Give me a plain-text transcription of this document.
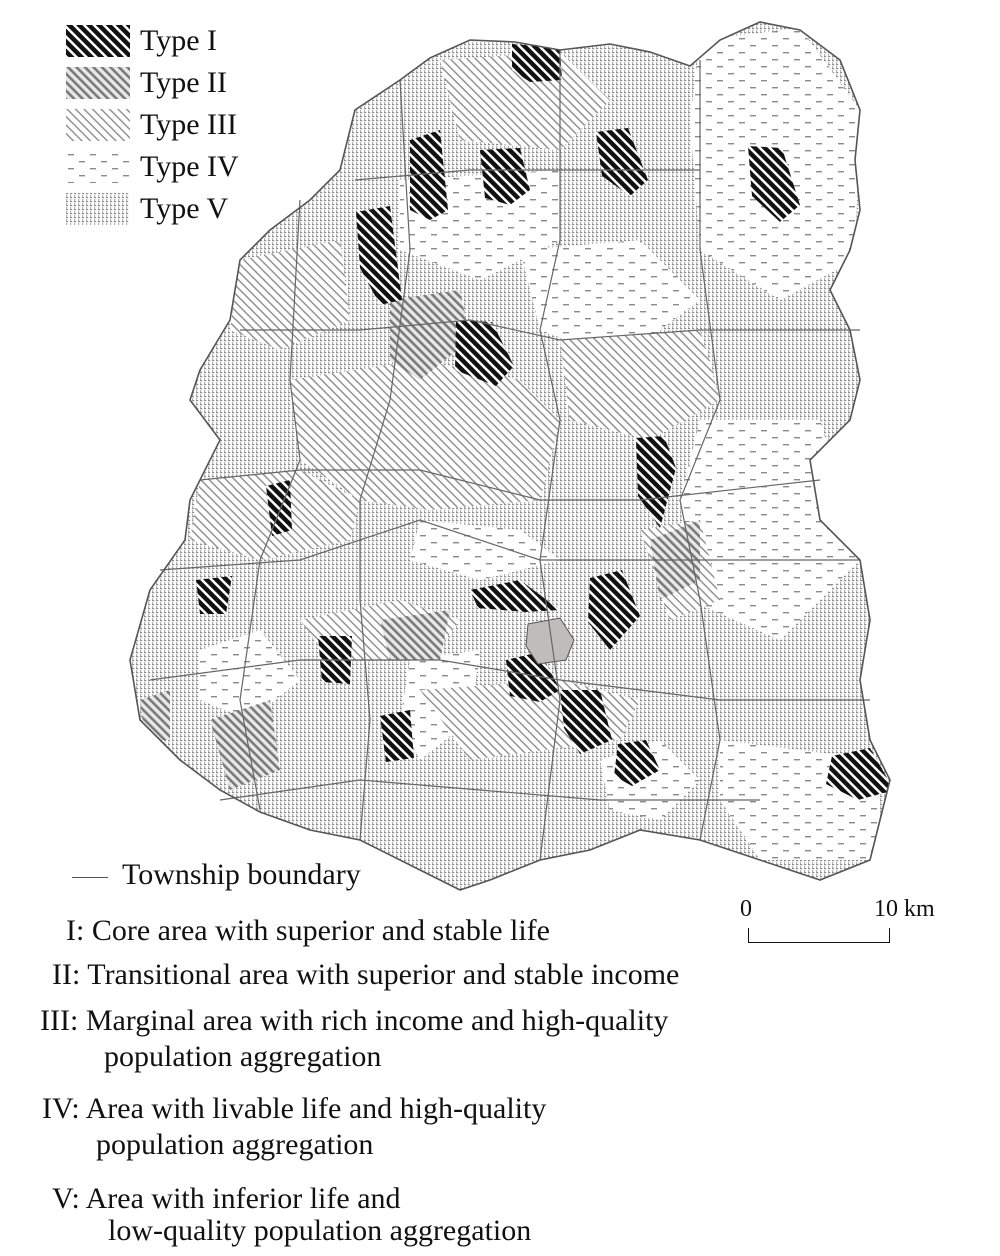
Type I
Type II
Type III
Type IV
Type V
Township boundary
0	10 km
I: Core area with superior and stable life
II: Transitional area with superior and stable income
III: Marginal area with rich income and high-quality
population aggregation
IV: Area with livable life and high-quality
population aggregation
V: Area with inferior life and
low-quality population aggregation
